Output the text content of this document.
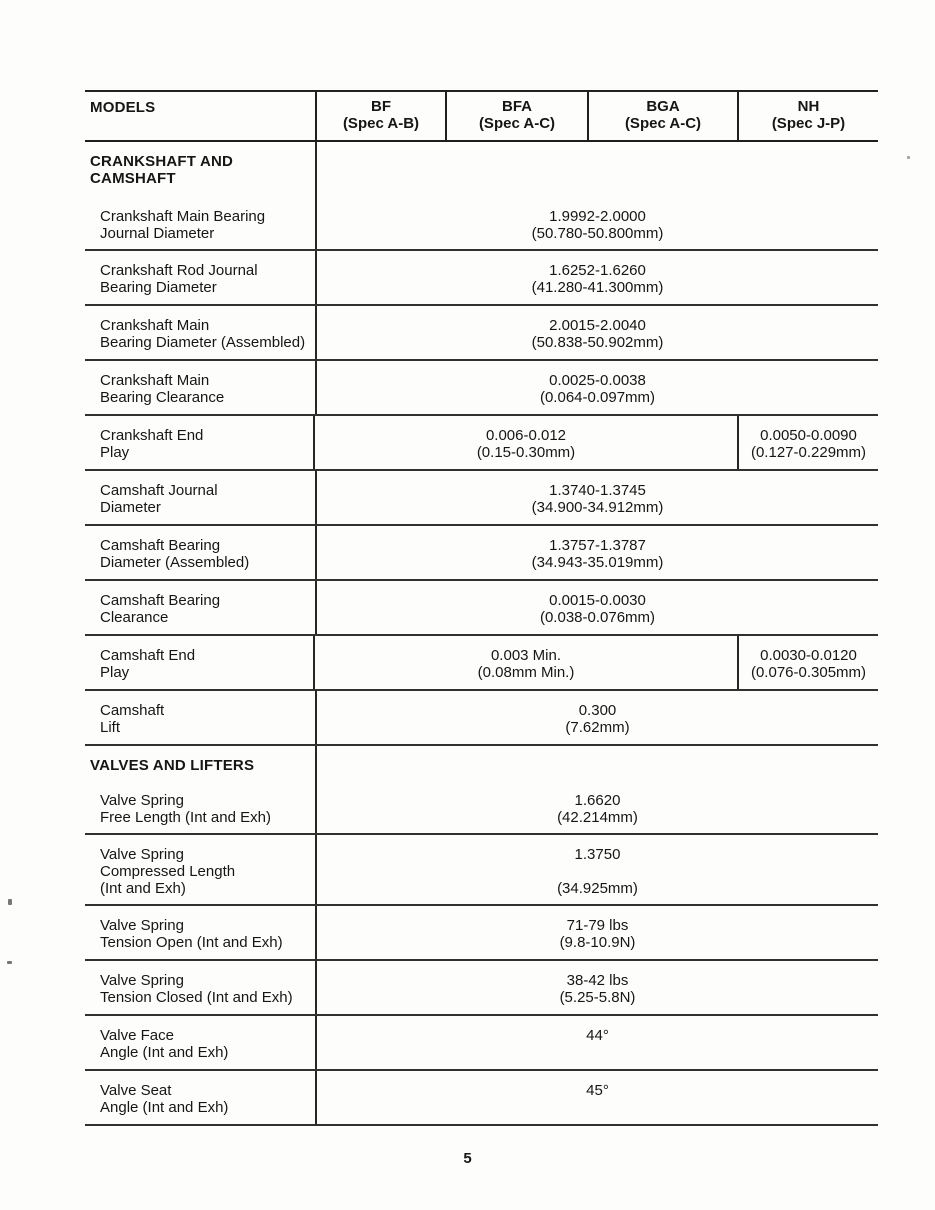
MODELS	BF
(Spec A-B)
BFA
(Spec A-C)
BGA
(Spec A-C)
NH
(Spec J-P)
CRANKSHAFT AND
CAMSHAFT
Crankshaft Main Bearing
Journal Diameter
1.9992-2.0000
(50.780-50.800mm)
Crankshaft Rod Journal
Bearing Diameter
1.6252-1.6260
(41.280-41.300mm)
Crankshaft Main
Bearing Diameter (Assembled)
2.0015-2.0040
(50.838-50.902mm)
Crankshaft Main
Bearing Clearance
0.0025-0.0038
(0.064-0.097mm)
Crankshaft End
Play
0.006-0.012
(0.15-0.30mm)
0.0050-0.0090
(0.127-0.229mm)
Camshaft Journal
Diameter
1.3740-1.3745
(34.900-34.912mm)
Camshaft Bearing
Diameter (Assembled)
1.3757-1.3787
(34.943-35.019mm)
Camshaft Bearing
Clearance
0.0015-0.0030
(0.038-0.076mm)
Camshaft End
Play
0.003 Min.
(0.08mm Min.)
0.0030-0.0120
(0.076-0.305mm)
Camshaft
Lift
0.300
(7.62mm)
VALVES AND LIFTERS
Valve Spring
Free Length (Int and Exh)
1.6620
(42.214mm)
Valve Spring
Compressed Length
(Int and Exh)
1.3750

(34.925mm)
Valve Spring
Tension Open (Int and Exh)
71-79 lbs
(9.8-10.9N)
Valve Spring
Tension Closed (Int and Exh)
38-42 lbs
(5.25-5.8N)
Valve Face
Angle (Int and Exh)
44°
Valve Seat
Angle (Int and Exh)
45°
5
